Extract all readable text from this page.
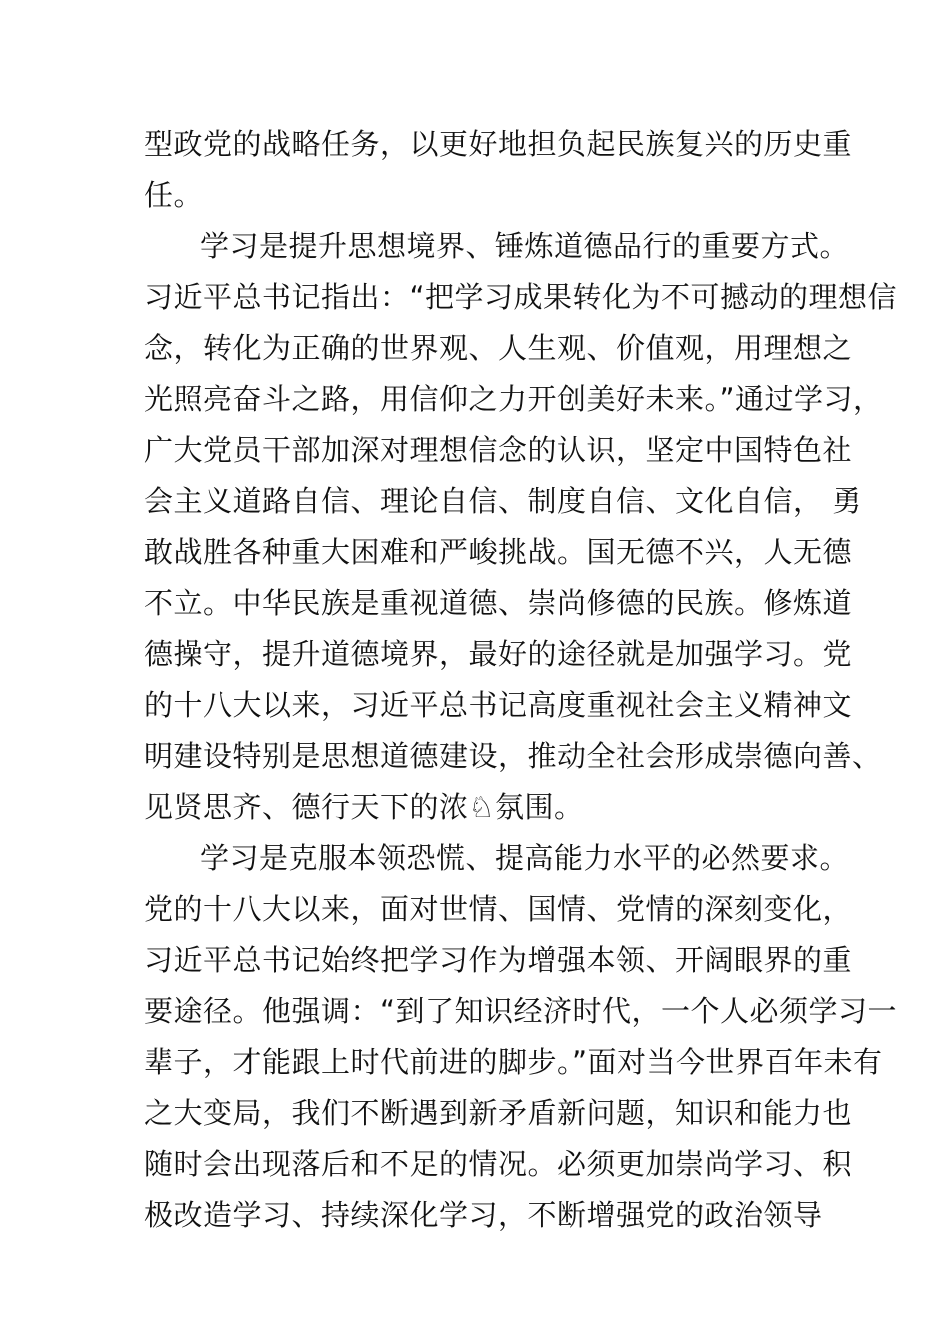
型政党的战略任务，以更好地担负起民族复兴的历史重
任。
学习是提升思想境界、锤炼道德品行的重要方式。
习近平总书记指出：“把学习成果转化为不可撼动的理想信
念，转化为正确的世界观、人生观、价值观，用理想之
光照亮奋斗之路，用信仰之力开创美好未来。”通过学习，
广大党员干部加深对理想信念的认识，坚定中国特色社
会主义道路自信、理论自信、制度自信、文化自信， 勇
敢战胜各种重大困难和严峻挑战。国无德不兴，人无德
不立。中华民族是重视道德、崇尚修德的民族。修炼道
德操守，提升道德境界，最好的途径就是加强学习。党
的十八大以来，习近平总书记高度重视社会主义精神文
明建设特别是思想道德建设，推动全社会形成崇德向善、
见贤思齐、德行天下的浓♘氛围。
学习是克服本领恐慌、提高能力水平的必然要求。
党的十八大以来，面对世情、国情、党情的深刻变化，
习近平总书记始终把学习作为增强本领、开阔眼界的重
要途径。他强调：“到了知识经济时代，一个人必须学习一
辈子，才能跟上时代前进的脚步。”面对当今世界百年未有
之大变局，我们不断遇到新矛盾新问题，知识和能力也
随时会出现落后和不足的情况。必须更加崇尚学习、积
极改造学习、持续深化学习，不断增强党的政治领导
